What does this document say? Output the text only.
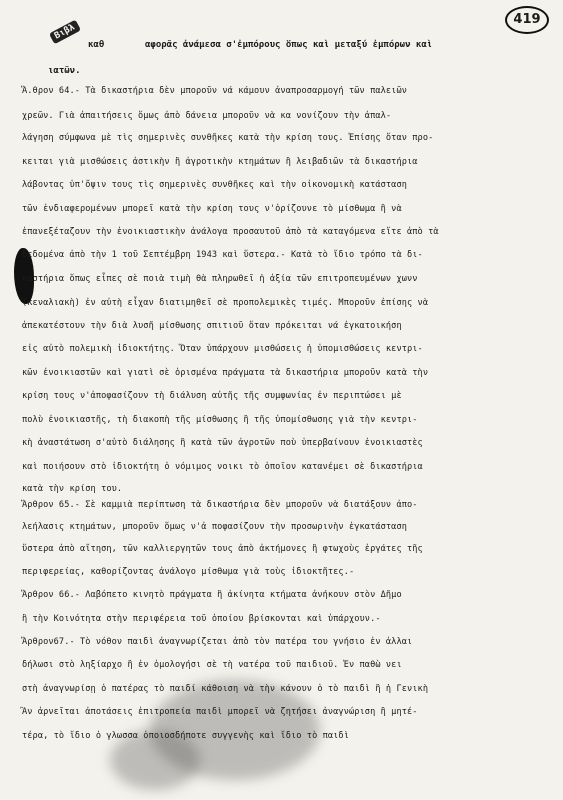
419
Βιβλ
καθ	αφορᾶς ἀνάμεσα σ'ἐμπόρους ὅπως καὶ μεταξύ ἐμπόρων καὶ
ιατῶν.
Ἄ.θρον 64.- Τὰ δικαστήρια δὲν μποροῦν νά κάμουν ἀναπροσαρμογή τῶν παλειῶν
χρεῶν. Γιὰ ἀπαιτήσεις ὅμως ἀπὸ δάνεια μποροῦν νὰ κα νονίζουν τὴν ἀπαλ-
λάγηση σύμφωνα μὲ τὶς σημερινὲς συνθῆκες κατὰ τὴν κρίση τους. Ἐπίσης ὅταν προ-
κειται γιὰ μισθώσεις ἀστικὴν ἢ ἀγροτικὴν κτημάτων ἢ λειβαδιῶν τὰ δικαστήρια
λάβοντας ὑπ'ὄψιν τους τὶς σημερινὲς συνθῆκες καὶ τὴν οἰκονομικὴ κατάσταση
τῶν ἐνδιαφερομένων μπορεῖ κατὰ τὴν κρίση τους ν'ὁρίζουνε τὸ μίσθωμα ἢ νὰ
ἐπανεξέταζουν τὴν ἐνοικιαστικὴν ἀνάλογα προσαυτοῦ ἀπὸ τὰ καταγόμενα εἴτε ἀπὸ τὰ
δεδομένα ἀπὸ τὴν 1 τοῦ Σεπτέμβρη 1943 καὶ ὕστερα.- Κατὰ τὸ ἴδιο τρόπο τὰ δι-
καστήρια ὅπως εἶπες σὲ ποιὰ τιμὴ θὰ πληρωθεῖ ἡ ἀξία τῶν επιτροπευμένων χωνν
(κεναλιακὴ) ἐν αὐτὴ εἶχαν διατιμηθεῖ σὲ προπολεμικὲς τιμές. Μποροῦν ἐπίσης νὰ
ἀπεκατέστουν τὴν διὰ λυσῆ μίσθωσης σπιτιοῦ ὅταν πρόκειται νά ἐγκατοικήση
εἰς αὐτὸ πολεμικὴ ἰδιοκτήτης. Ὅταν ὑπάρχουν μισθώσεις ἡ ὑπομισθώσεις κεντρι-
κῶν ἐνοικιαστῶν καὶ γιατὶ σὲ ὁρισμένα πράγματα τὰ δικαστήρια μποροῦν κατὰ τὴν
κρίση τους ν'ἀποφασίζουν τὴ διάλυση αὐτῆς τῆς συμφωνίας ἐν περιπτώσει μὲ
πολὺ ἐνοικιαστῆς, τὴ διακοπὴ τῆς μίσθωσης ἢ τῆς ὑπομίσθωσης γιὰ τὴν κεντρι-
κὴ ἀναστάτωση σ'αὐτὸ διάλησης ἢ κατὰ τῶν ἀγροτῶν ποὺ ὑπερβαίνουν ἐνοικιαστὲς
καὶ ποιήσουν στὸ ἰδιοκτήτη ὁ νόμιμος νοικι τὸ ὁποῖον κατανέμει σὲ δικαστήρια
κατὰ τὴν κρίση του.
Ἄρθρον 65.- Σὲ καμμιὰ περίπτωση τὰ δικαστήρια δὲν μποροῦν νὰ διατάξουν ἀπο-
λεήλασις κτημάτων, μποροῦν ὅμως ν'ἀ ποφασίζουν τὴν προσωρινὴν ἐγκατάσταση
ὕστερα ἀπὸ αἴτηση, τῶν καλλιεργητῶν τους ἀπὸ ἀκτήμονες ἢ φτωχοὺς ἐργάτες τῆς
περιφερείας, καθορίζοντας ἀνάλογο μίσθωμα γιὰ τοὺς ἰδιοκτῆτες.-
Ἄρθρον 66.- Λαβόπετο κινητὸ πράγματα ἢ ἀκίνητα κτήματα ἀνήκουν στὸν Δῆμο
ἢ τὴν Κοινότητα στὴν περιφέρεια τοῦ ὁποίου βρίσκονται καὶ ὑπάρχουν.-
Ἄρθρον67.- Τὸ νόθον παιδὶ ἀναγνωρίζεται ἀπὸ τὸν πατέρα του γνήσιο ἐν ἀλλαι
δήλωσι στὸ ληξίαρχο ἢ ἐν ὁμολογήσι σὲ τὴ νατέρα τοῦ παιδιοῦ. Ἐν παθὼ νει
στὴ ἀναγνωρίσῃ ὁ πατέρας τὸ παιδί κάθοιση νὰ τὴν κάνουν ὁ τὸ παιδὶ ἢ ἡ Γενικὴ
Ἂν ἀρνεῖται ἀποτάσεις ἐπιτροπεία παιδὶ μπορεῖ νὰ ζητήσει ἀναγνώριση ἢ μητέ-
τέρα, τὸ ἴδιο ὁ γλωσσα ὁποιοσδήποτε συγγενὴς καὶ ἴδιο τὸ παιδὶ
